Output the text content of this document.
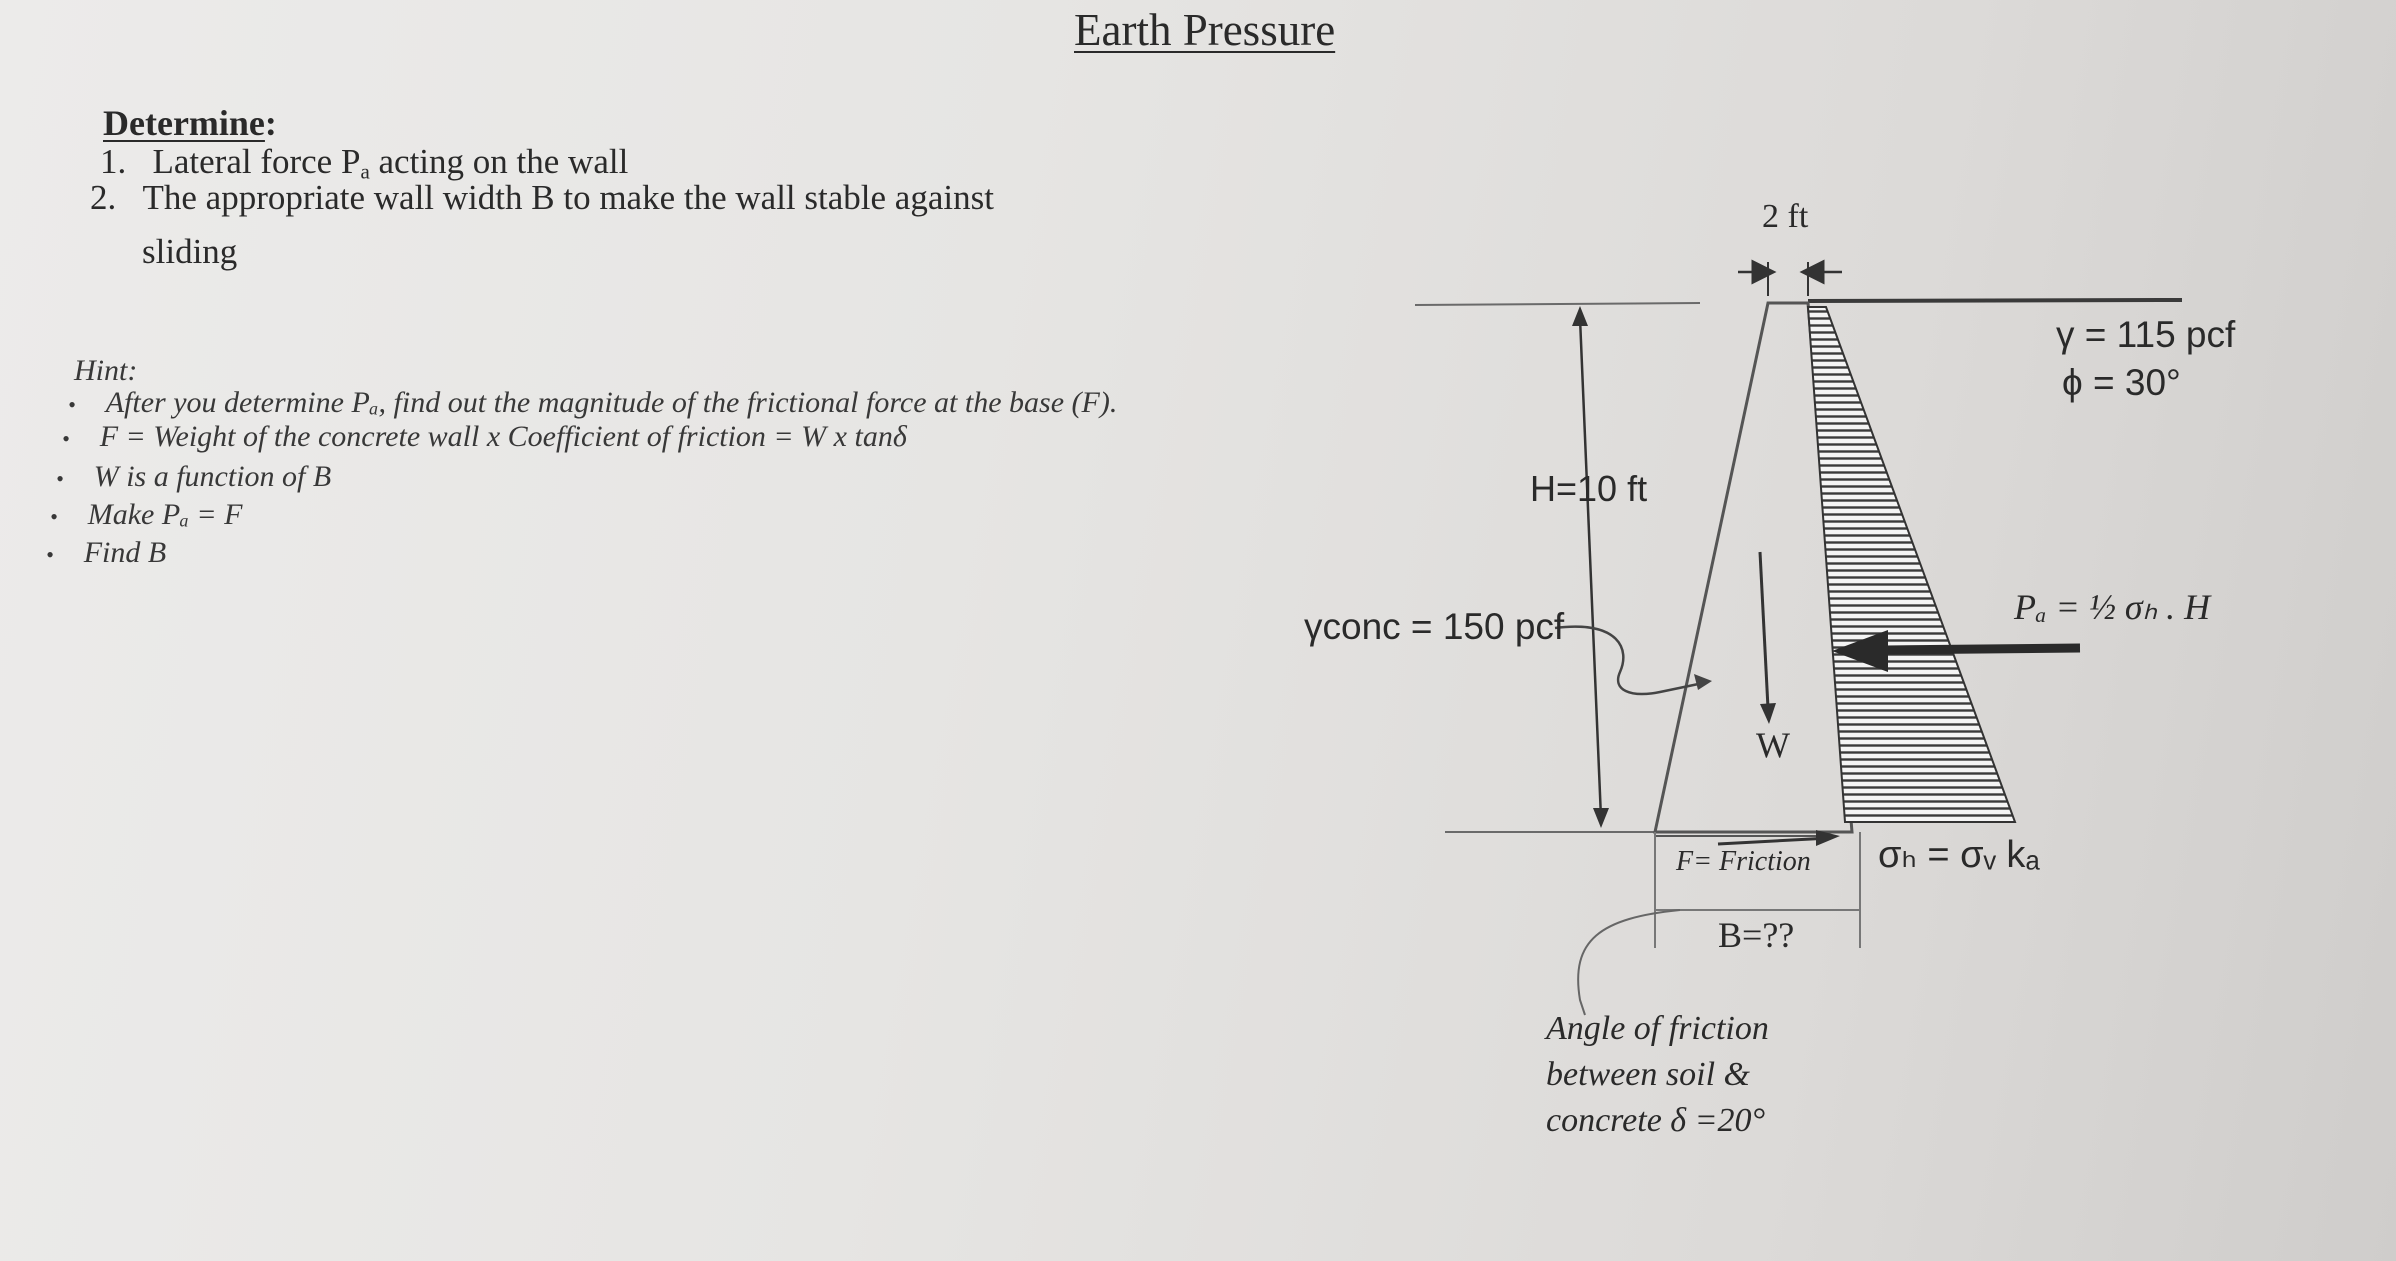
Earth Pressure
Determine:
1. Lateral force $P_a$ acting on the wall
2. The appropriate wall width B to make the wall stable against
sliding
Hint:
• After you determine Pₐ, find out the magnitude of the frictional force at the base (F).
• F = Weight of the concrete wall x Coefficient of friction = W x tanδ
• W is a function of B
• Make Pₐ = F
• Find B
2 ft
H=10 ft
γconc = 150 pcf
γ = 115 pcf
ϕ = 30°
W
Pₐ = ½ σₕ . H
F= Friction σₕ = σᵥ kₐ
B=??
Angle of friction
between soil &
concrete δ =20°
